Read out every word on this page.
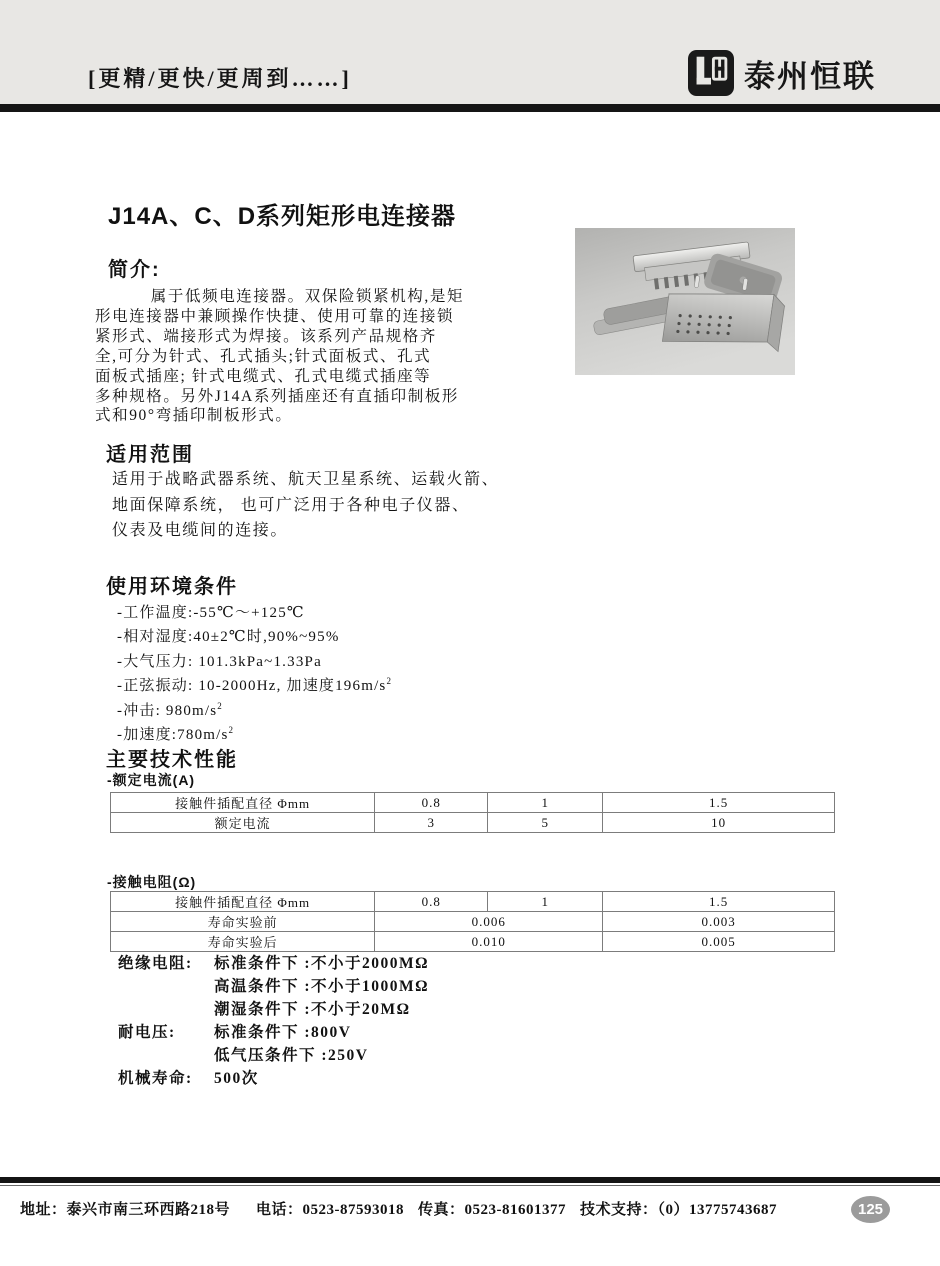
[更精/更快/更周到……]	泰州恒联
J14A、C、D系列矩形电连接器
简介:
属于低频电连接器。双保险锁紧机构,是矩
形电连接器中兼顾操作快捷、使用可靠的连接锁
紧形式、端接形式为焊接。该系列产品规格齐
全,可分为针式、孔式插头;针式面板式、孔式
面板式插座; 针式电缆式、孔式电缆式插座等
多种规格。另外J14A系列插座还有直插印制板形
式和90°弯插印制板形式。
适用范围
适用于战略武器系统、航天卫星系统、运载火箭、
地面保障系统， 也可广泛用于各种电子仪器、
仪表及电缆间的连接。
使用环境条件
-工作温度:-55℃～+125℃
-相对湿度:40±2℃时,90%~95%
-大气压力: 101.3kPa~1.33Pa
-正弦振动: 10-2000Hz, 加速度$196m/s^2$
-冲击: $980m/s^2$
-加速度$:780m/s^2$
主要技术性能
-额定电流(A)
接触件插配直径 Φmm	0.8	1	1.5
额定电流	3	5	10
-接触电阻(Ω)
接触件插配直径 Φmm	0.8	1	1.5
寿命实验前	0.006		0.003
寿命实验后	0.010		0.005
绝缘电阻:	标准条件下 :不小于2000MΩ
高温条件下 :不小于1000MΩ
潮湿条件下 :不小于20MΩ
耐电压:	标准条件下 :800V
低气压条件下 :250V
机械寿命:	500次
地址：泰兴市南三环西路218号 电话：0523-87593018 传真：0523-81601377 技术支持：（0）13775743687	125
